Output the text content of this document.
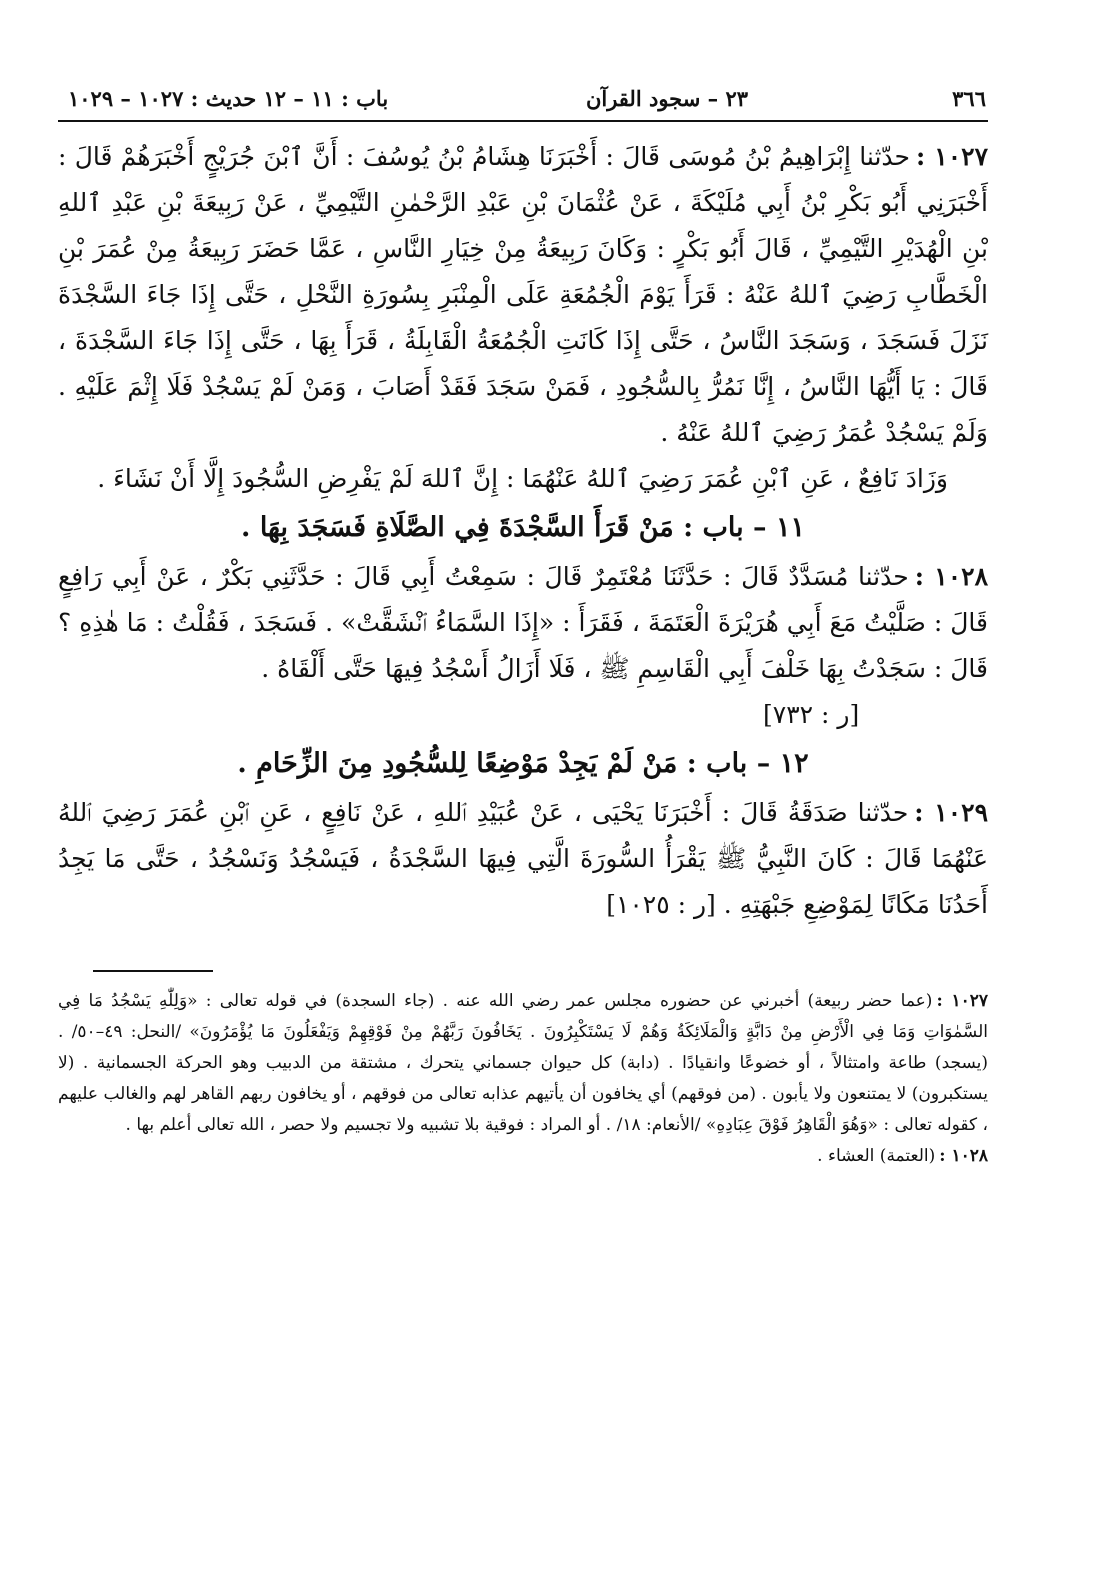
٣٦٦
٢٣ – سجود القرآن
باب : ١١ – ١٢ حديث : ١٠٢٧ – ١٠٢٩

١٠٢٧ :حدّثنا إِبْرَاهِيمُ بْنُ مُوسَى قَالَ : أَخْبَرَنَا هِشَامُ بْنُ يُوسُفَ : أَنَّ ٱبْنَ جُرَيْجٍ أَخْبَرَهُمْ قَالَ : أَخْبَرَنِي أَبُو بَكْرِ بْنُ أَبِي مُلَيْكَةَ ، عَنْ عُثْمَانَ بْنِ عَبْدِ الرَّحْمٰنِ التَّيْمِيِّ ، عَنْ رَبِيعَةَ بْنِ عَبْدِ ٱللهِ بْنِ الْهُدَيْرِ التَّيْمِيِّ ، قَالَ أَبُو بَكْرٍ : وَكَانَ رَبِيعَةُ مِنْ خِيَارِ النَّاسِ ، عَمَّا حَضَرَ رَبِيعَةُ مِنْ عُمَرَ بْنِ الْخَطَّابِ رَضِيَ ٱللهُ عَنْهُ : قَرَأَ يَوْمَ الْجُمُعَةِ عَلَى الْمِنْبَرِ بِسُورَةِ النَّحْلِ ، حَتَّى إِذَا جَاءَ السَّجْدَةَ نَزَلَ فَسَجَدَ ، وَسَجَدَ النَّاسُ ، حَتَّى إِذَا كَانَتِ الْجُمُعَةُ الْقَابِلَةُ ، قَرَأَ بِهَا ، حَتَّى إِذَا جَاءَ السَّجْدَةَ ، قَالَ : يَا أَيُّهَا النَّاسُ ، إِنَّا نَمُرُّ بِالسُّجُودِ ، فَمَنْ سَجَدَ فَقَدْ أَصَابَ ، وَمَنْ لَمْ يَسْجُدْ فَلَا إِثْمَ عَلَيْهِ . وَلَمْ يَسْجُدْ عُمَرُ رَضِيَ ٱللهُ عَنْهُ .

وَزَادَ نَافِعٌ ، عَنِ ٱبْنِ عُمَرَ رَضِيَ ٱللهُ عَنْهُمَا : إِنَّ ٱللهَ لَمْ يَفْرِضِ السُّجُودَ إِلَّا أَنْ نَشَاءَ .

١١ – باب : مَنْ قَرَأَ السَّجْدَةَ فِي الصَّلَاةِ فَسَجَدَ بِهَا .

١٠٢٨ :حدّثنا مُسَدَّدٌ قَالَ : حَدَّثَنَا مُعْتَمِرٌ قَالَ : سَمِعْتُ أَبِي قَالَ : حَدَّثَنِي بَكْرٌ ، عَنْ أَبِي رَافِعٍ قَالَ : صَلَّيْتُ مَعَ أَبِي هُرَيْرَةَ الْعَتَمَةَ ، فَقَرَأَ : «إِذَا السَّمَاءُ ٱنْشَقَّتْ» . فَسَجَدَ ، فَقُلْتُ : مَا هٰذِهِ ؟ قَالَ : سَجَدْتُ بِهَا خَلْفَ أَبِي الْقَاسِمِ ﷺ ، فَلَا أَزَالُ أَسْجُدُ فِيهَا حَتَّى أَلْقَاهُ .

[ر : ٧٣٢]

١٢ – باب : مَنْ لَمْ يَجِدْ مَوْضِعًا لِلسُّجُودِ مِنَ الزِّحَامِ .

١٠٢٩ :حدّثنا صَدَقَةُ قَالَ : أَخْبَرَنَا يَحْيَى ، عَنْ عُبَيْدِ ٱللهِ ، عَنْ نَافِعٍ ، عَنِ ٱبْنِ عُمَرَ رَضِيَ ٱللهُ عَنْهُمَا قَالَ : كَانَ النَّبِيُّ ﷺ يَقْرَأُ السُّورَةَ الَّتِي فِيهَا السَّجْدَةُ ، فَيَسْجُدُ وَنَسْجُدُ ، حَتَّى مَا يَجِدُ أَحَدُنَا مَكَانًا لِمَوْضِعِ جَبْهَتِهِ . [ر : ١٠٢٥]

١٠٢٧ :(عما حضر ربيعة) أخبرني عن حضوره مجلس عمر رضي الله عنه . (جاء السجدة) في قوله تعالى : «وَلِلّٰهِ يَسْجُدُ مَا فِي السَّمٰوَاتِ وَمَا فِي الْأَرْضِ مِنْ دَابَّةٍ وَالْمَلَائِكَةُ وَهُمْ لَا يَسْتَكْبِرُونَ . يَخَافُونَ رَبَّهُمْ مِنْ فَوْقِهِمْ وَيَفْعَلُونَ مَا يُؤْمَرُونَ» /النحل: ٤٩–٥٠/ . (يسجد) طاعة وامتثالاً ، أو خضوعًا وانقيادًا . (دابة) كل حيوان جسماني يتحرك ، مشتقة من الدبيب وهو الحركة الجسمانية . (لا يستكبرون) لا يمتنعون ولا يأبون . (من فوقهم) أي يخافون أن يأتيهم عذابه تعالى من فوقهم ، أو يخافون ربهم القاهر لهم والغالب عليهم ، كقوله تعالى : «وَهُوَ الْقَاهِرُ فَوْقَ عِبَادِهِ» /الأنعام: ١٨/ . أو المراد : فوقية بلا تشبيه ولا تجسيم ولا حصر ، الله تعالى أعلم بها .

١٠٢٨ :(العتمة) العشاء .
